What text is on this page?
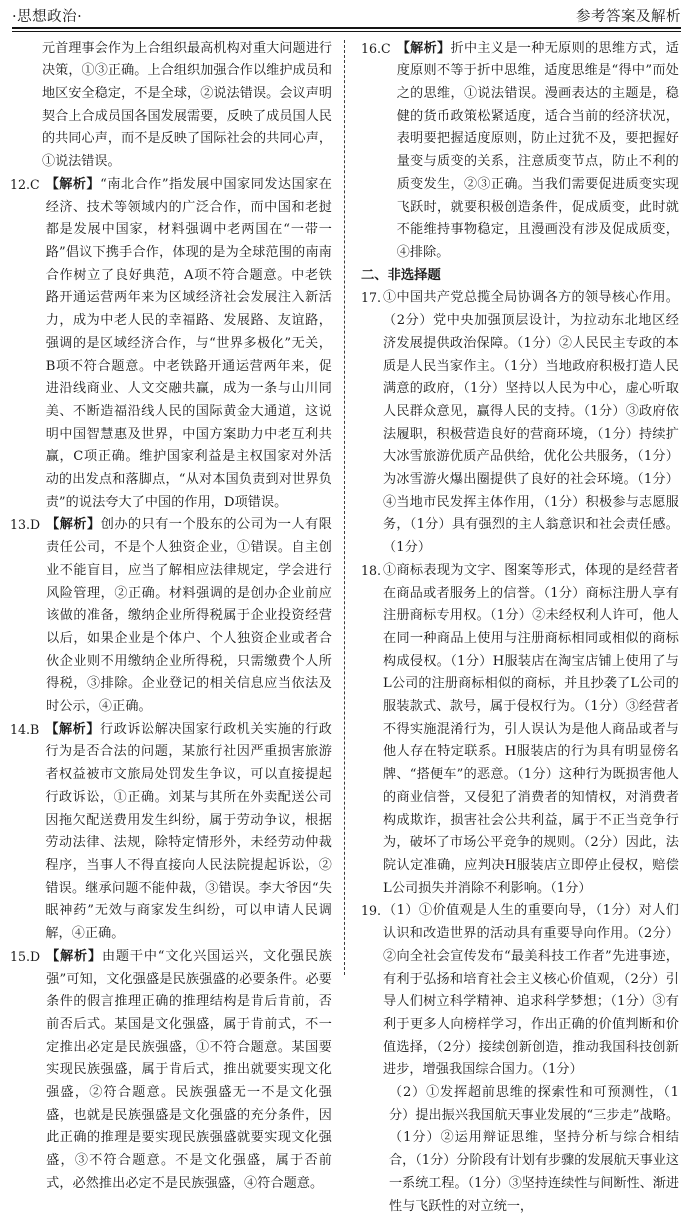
·思想政治·	参考答案及解析
元首理事会作为上合组织最高机构对重大问题进行决策，①③正确。上合组织加强合作以维护成员和地区安全稳定，不是全球，②说法错误。会议声明契合上合成员国各国发展需要，反映了成员国人民的共同心声，而不是反映了国际社会的共同心声，①说法错误。
12.C 【解析】“南北合作”指发展中国家同发达国家在经济、技术等领域内的广泛合作，而中国和老挝都是发展中国家，材料强调中老两国在“一带一路”倡议下携手合作，体现的是为全球范围的南南合作树立了良好典范，A项不符合题意。中老铁路开通运营两年来为区域经济社会发展注入新活力，成为中老人民的幸福路、发展路、友谊路，强调的是区域经济合作，与“世界多极化”无关，B项不符合题意。中老铁路开通运营两年来，促进沿线商业、人文交融共赢，成为一条与山川同美、不断造福沿线人民的国际黄金大通道，这说明中国智慧惠及世界，中国方案助力中老互利共赢，C项正确。维护国家利益是主权国家对外活动的出发点和落脚点，“从对本国负责到对世界负责”的说法夸大了中国的作用，D项错误。
13.D 【解析】创办的只有一个股东的公司为一人有限责任公司，不是个人独资企业，①错误。自主创业不能盲目，应当了解相应法律规定，学会进行风险管理，②正确。材料强调的是创办企业前应该做的准备，缴纳企业所得税属于企业投资经营以后，如果企业是个体户、个人独资企业或者合伙企业则不用缴纳企业所得税，只需缴费个人所得税，③排除。企业登记的相关信息应当依法及时公示，④正确。
14.B 【解析】行政诉讼解决国家行政机关实施的行政行为是否合法的问题，某旅行社因严重损害旅游者权益被市文旅局处罚发生争议，可以直接提起行政诉讼，①正确。刘某与其所在外卖配送公司因拖欠配送费用发生纠纷，属于劳动争议，根据劳动法律、法规，除特定情形外，未经劳动仲裁程序，当事人不得直接向人民法院提起诉讼，②错误。继承问题不能仲裁，③错误。李大爷因“失眠神药”无效与商家发生纠纷，可以申请人民调解，④正确。
15.D 【解析】由题干中“文化兴国运兴，文化强民族强”可知，文化强盛是民族强盛的必要条件。必要条件的假言推理正确的推理结构是肯后肯前，否前否后式。某国是文化强盛，属于肯前式，不一定推出必定是民族强盛，①不符合题意。某国要实现民族强盛，属于肯后式，推出就要实现文化强盛，②符合题意。民族强盛无一不是文化强盛，也就是民族强盛是文化强盛的充分条件，因此正确的推理是要实现民族强盛就要实现文化强盛，③不符合题意。不是文化强盛，属于否前式，必然推出必定不是民族强盛，④符合题意。
16.C 【解析】折中主义是一种无原则的思维方式，适度原则不等于折中思维，适度思维是“得中”而处之的思维，①说法错误。漫画表达的主题是，稳健的货币政策松紧适度，适合当前的经济状况，表明要把握适度原则，防止过犹不及，要把握好量变与质变的关系，注意质变节点，防止不利的质变发生，②③正确。当我们需要促进质变实现飞跃时，就要积极创造条件，促成质变，此时就不能维持事物稳定，且漫画没有涉及促成质变，④排除。
二、非选择题
17. ①中国共产党总揽全局协调各方的领导核心作用。（2分）党中央加强顶层设计，为拉动东北地区经济发展提供政治保障。（1分）②人民民主专政的本质是人民当家作主。（1分）当地政府积极打造人民满意的政府，（1分）坚持以人民为中心，虚心听取人民群众意见，赢得人民的支持。（1分）③政府依法履职，积极营造良好的营商环境，（1分）持续扩大冰雪旅游优质产品供给，优化公共服务，（1分）为冰雪游火爆出圈提供了良好的社会环境。（1分）④当地市民发挥主体作用，（1分）积极参与志愿服务，（1分）具有强烈的主人翁意识和社会责任感。（1分）
18. ①商标表现为文字、图案等形式，体现的是经营者在商品或者服务上的信誉。（1分）商标注册人享有注册商标专用权。（1分）②未经权利人许可，他人在同一种商品上使用与注册商标相同或相似的商标构成侵权。（1分）H服装店在淘宝店铺上使用了与L公司的注册商标相似的商标，并且抄袭了L公司的服装款式、款号，属于侵权行为。（1分）③经营者不得实施混淆行为，引人误认为是他人商品或者与他人存在特定联系。H服装店的行为具有明显傍名牌、“搭便车”的恶意。（1分）这种行为既损害他人的商业信誉，又侵犯了消费者的知情权，对消费者构成欺诈，损害社会公共利益，属于不正当竞争行为，破坏了市场公平竞争的规则。（2分）因此，法院认定准确，应判决H服装店立即停止侵权，赔偿L公司损失并消除不利影响。（1分）
19. （1）①价值观是人生的重要向导，（1分）对人们认识和改造世界的活动具有重要导向作用。（2分）②向全社会宣传发布“最美科技工作者”先进事迹，有利于弘扬和培育社会主义核心价值观，（2分）引导人们树立科学精神、追求科学梦想；（1分）③有利于更多人向榜样学习，作出正确的价值判断和价值选择，（2分）接续创新创造，推动我国科技创新进步，增强我国综合国力。（1分）
（2）①发挥超前思维的探索性和可预测性，（1分）提出振兴我国航天事业发展的“三步走”战略。（1分）②运用辩证思维，坚持分析与综合相结合，（1分）分阶段有计划有步骤的发展航天事业这一系统工程。（1分）③坚持连续性与间断性、渐进性与飞跃性的对立统一，
